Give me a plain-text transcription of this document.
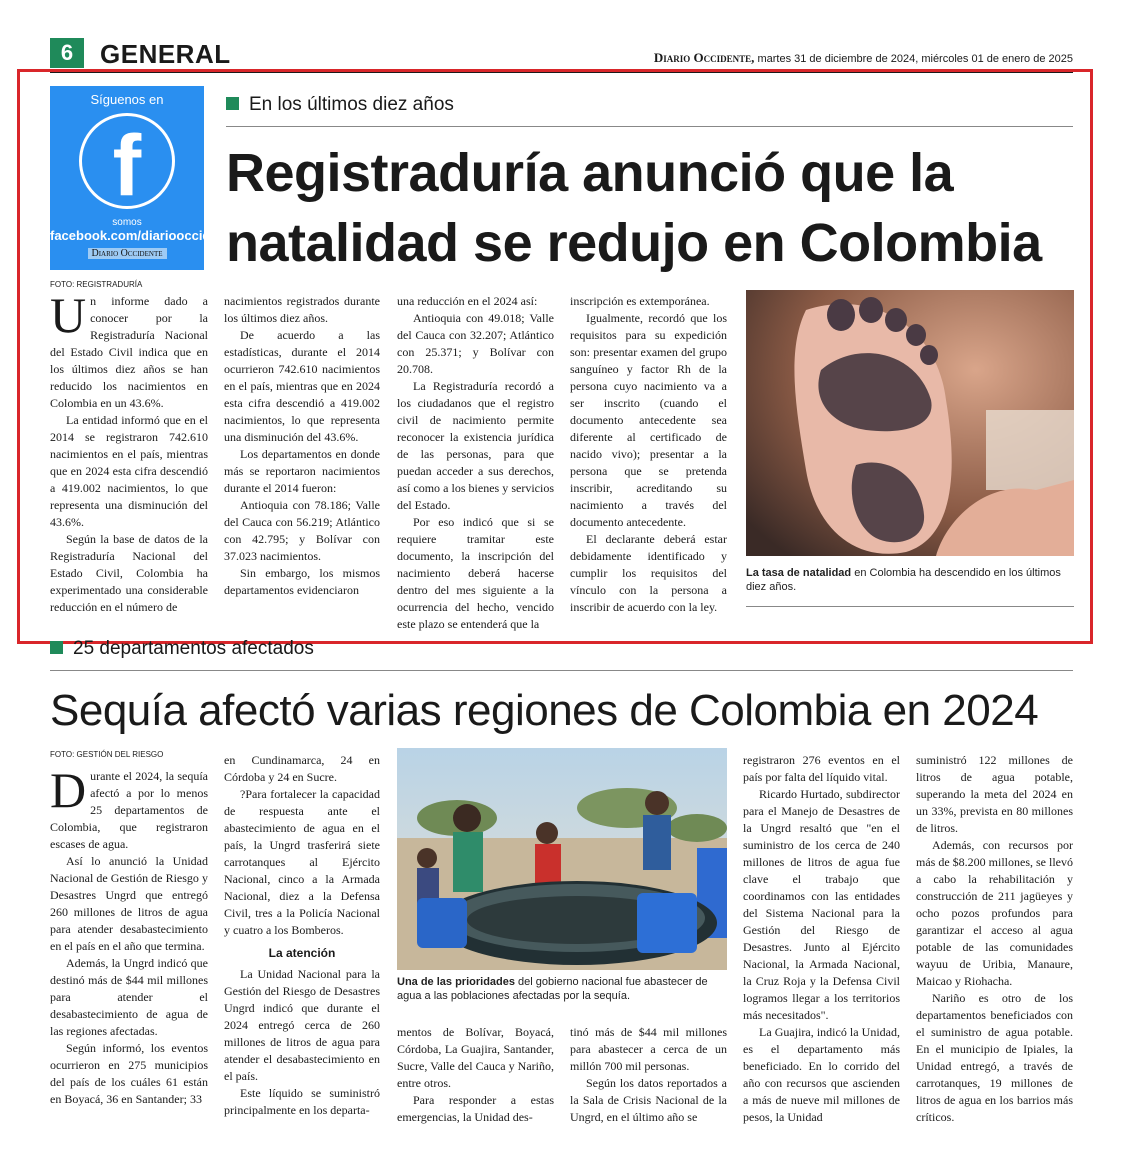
6	GENERAL	Diario Occidente, martes 31 de diciembre de 2024, miércoles 01 de enero de 2025
Síguenos en
f
somos
facebook.com/diariooccidente
Diario Occidente
FOTO: REGISTRADURÍA
En los últimos diez años
Registraduría anunció que la natalidad se redujo en Colombia

Un informe dado a conocer por la Registraduría Nacional del Estado Civil indica que en los últimos diez años se han reducido los nacimientos en Colombia en un 43.6%.

La entidad informó que en el 2014 se registraron 742.610 nacimientos en el país, mientras que en 2024 esta cifra descendió a 419.002 nacimientos, lo que representa una disminución del 43.6%.

Según la base de datos de la Registraduría Nacional del Estado Civil, Colombia ha experimentado una considerable reducción en el número de

nacimientos registrados durante los últimos diez años.

De acuerdo a las estadísticas, durante el 2014 ocurrieron 742.610 nacimientos en el país, mientras que en 2024 esta cifra descendió a 419.002 nacimientos, lo que representa una disminución del 43.6%.

Los departamentos en donde más se reportaron nacimientos durante el 2014 fueron:

Antioquia con 78.186; Valle del Cauca con 56.219; Atlántico con 42.795; y Bolívar con 37.023 nacimientos.

Sin embargo, los mismos departamentos evidenciaron

una reducción en el 2024 así:

Antioquia con 49.018; Valle del Cauca con 32.207; Atlántico con 25.371; y Bolívar con 20.708.

La Registraduría recordó a los ciudadanos que el registro civil de nacimiento permite reconocer la existencia jurídica de las personas, para que puedan acceder a sus derechos, así como a los bienes y servicios del Estado.

Por eso indicó que si se requiere tramitar este documento, la inscripción del nacimiento deberá hacerse dentro del mes siguiente a la ocurrencia del hecho, vencido este plazo se entenderá que la

inscripción es extemporánea.

Igualmente, recordó que los requisitos para su expedición son: presentar examen del grupo sanguíneo y factor Rh de la persona cuyo nacimiento va a ser inscrito (cuando el documento antecedente sea diferente al certificado de nacido vivo); presentar a la persona que se pretenda inscribir, acreditando su nacimiento a través del documento antecedente.

El declarante deberá estar debidamente identificado y cumplir los requisitos del vínculo con la persona a inscribir de acuerdo con la ley.

La tasa de natalidad en Colombia ha descendido en los últimos diez años.
25 departamentos afectados
Sequía afectó varias regiones de Colombia en 2024
FOTO: GESTIÓN DEL RIESGO

Durante el 2024, la sequía afectó a por lo menos 25 departamentos de Colombia, que registraron escases de agua.

Así lo anunció la Unidad Nacional de Gestión de Riesgo y Desastres Ungrd que entregó 260 millones de litros de agua para atender desabastecimiento en el país en el año que termina.

Además, la Ungrd indicó que destinó más de $44 mil millones para atender el desabastecimiento de agua de las regiones afectadas.

Según informó, los eventos ocurrieron en 275 municipios del país de los cuáles 61 están en Boyacá, 36 en Santander; 33

en Cundinamarca, 24 en Córdoba y 24 en Sucre.

?Para fortalecer la capacidad de respuesta ante el abastecimiento de agua en el país, la Ungrd trasferirá siete carrotanques al Ejército Nacional, cinco a la Armada Nacional, diez a la Defensa Civil, tres a la Policía Nacional y cuatro a los Bomberos.

La atención

La Unidad Nacional para la Gestión del Riesgo de Desastres Ungrd indicó que durante el 2024 entregó cerca de 260 millones de litros de agua para atender el desabastecimiento en el país.

Este líquido se suministró principalmente en los departa-

Una de las prioridades del gobierno nacional fue abastecer de agua a las poblaciones afectadas por la sequía.

mentos de Bolívar, Boyacá, Córdoba, La Guajira, Santander, Sucre, Valle del Cauca y Nariño, entre otros.

Para responder a estas emergencias, la Unidad des-

tinó más de $44 mil millones para abastecer a cerca de un millón 700 mil personas.

Según los datos reportados a la Sala de Crisis Nacional de la Ungrd, en el último año se

registraron 276 eventos en el país por falta del líquido vital.

Ricardo Hurtado, subdirector para el Manejo de Desastres de la Ungrd resaltó que "en el suministro de los cerca de 240 millones de litros de agua fue clave el trabajo que coordinamos con las entidades del Sistema Nacional para la Gestión del Riesgo de Desastres. Junto al Ejército Nacional, la Armada Nacional, la Cruz Roja y la Defensa Civil logramos llegar a los territorios más necesitados".

La Guajira, indicó la Unidad, es el departamento más beneficiado. En lo corrido del año con recursos que ascienden a más de nueve mil millones de pesos, la Unidad

suministró 122 millones de litros de agua potable, superando la meta del 2024 en un 33%, prevista en 80 millones de litros.

Además, con recursos por más de $8.200 millones, se llevó a cabo la rehabilitación y construcción de 211 jagüeyes y ocho pozos profundos para garantizar el acceso al agua potable de las comunidades wayuu de Uribia, Manaure, Maicao y Riohacha.

Nariño es otro de los departamentos beneficiados con el suministro de agua potable. En el municipio de Ipiales, la Unidad entregó, a través de carrotanques, 19 millones de litros de agua en los barrios más críticos.
